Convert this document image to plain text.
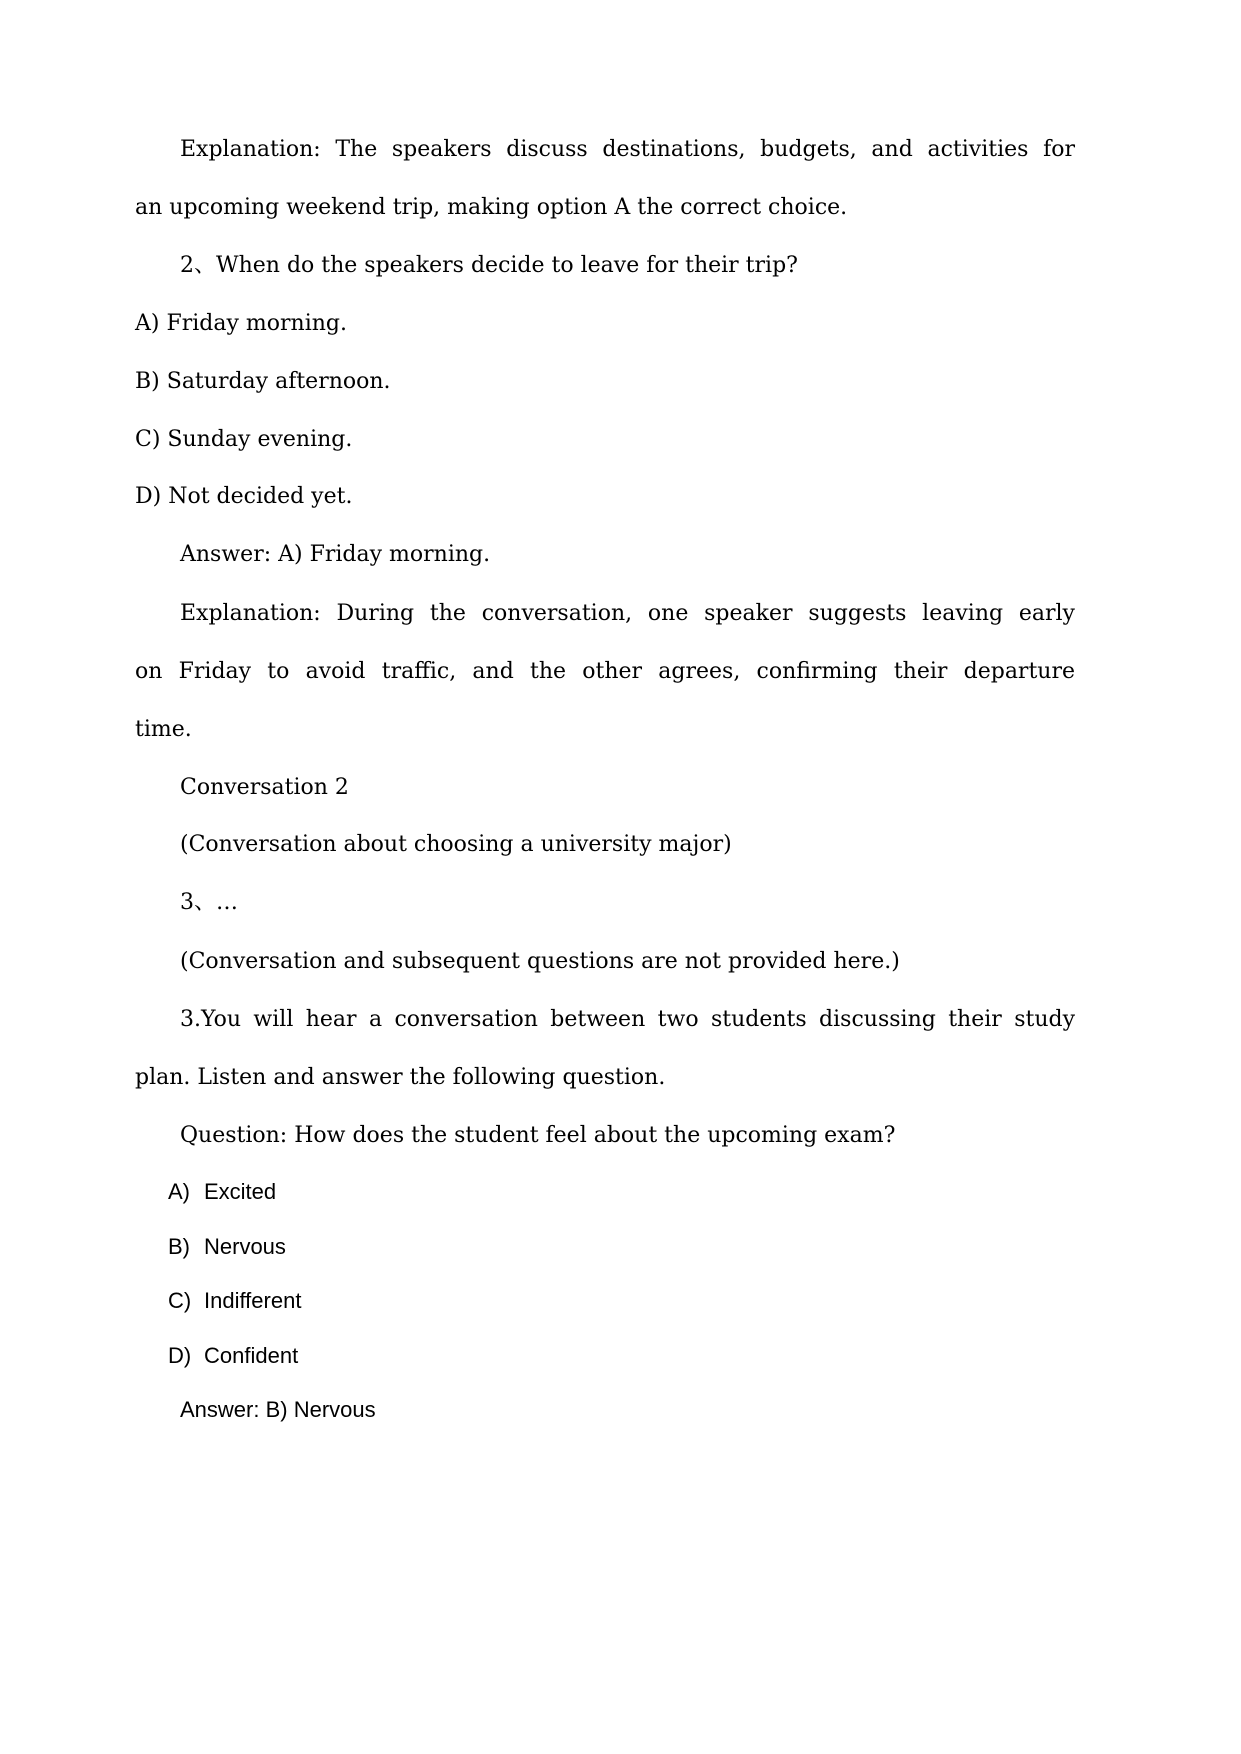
Explanation: The speakers discuss destinations, budgets, and activities for
an upcoming weekend trip, making option A the correct choice.
2、When do the speakers decide to leave for their trip?
A) Friday morning.
B) Saturday afternoon.
C) Sunday evening.
D) Not decided yet.
Answer: A) Friday morning.
Explanation: During the conversation, one speaker suggests leaving early
on Friday to avoid traffic, and the other agrees, confirming their departure
time.
Conversation 2
(Conversation about choosing a university major)
3、…
(Conversation and subsequent questions are not provided here.)
3.You will hear a conversation between two students discussing their study
plan. Listen and answer the following question.
Question: How does the student feel about the upcoming exam?
A) Excited
B) Nervous
C) Indifferent
D) Confident
Answer: B) Nervous
